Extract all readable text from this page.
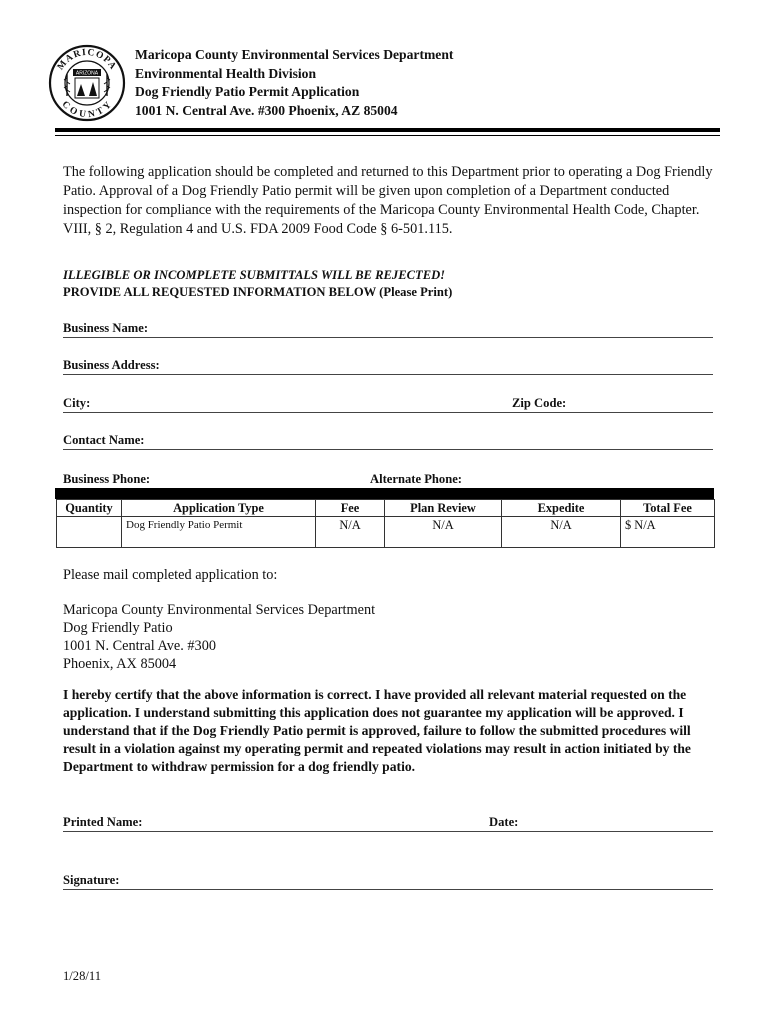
MARICOPA
COUNTY
ARIZONA
Maricopa County Environmental Services Department
Environmental Health Division
Dog Friendly Patio Permit Application
1001 N. Central Ave. #300 Phoenix, AZ 85004
The following application should be completed and returned to this Department prior to operating a Dog Friendly Patio. Approval of a Dog Friendly Patio permit will be given upon completion of a Department conducted inspection for compliance with the requirements of the Maricopa County Environmental Health Code, Chapter. VIII, § 2, Regulation 4 and U.S. FDA 2009 Food Code § 6-501.115.
ILLEGIBLE OR INCOMPLETE SUBMITTALS WILL BE REJECTED!
PROVIDE ALL REQUESTED INFORMATION BELOW (Please Print)
Business Name:
Business Address:
City:	Zip Code:
Contact Name:
Business Phone:	Alternate Phone:
Quantity	Application Type	Fee	Plan Review	Expedite	Total Fee
	Dog Friendly Patio Permit	N/A	N/A	N/A	$ N/A
Please mail completed application to:
Maricopa County Environmental Services Department
Dog Friendly Patio
1001 N. Central Ave. #300
Phoenix, AX 85004
I hereby certify that the above information is correct. I have provided all relevant material requested on the application. I understand submitting this application does not guarantee my application will be approved. I understand that if the Dog Friendly Patio permit is approved, failure to follow the submitted procedures will result in a violation against my operating permit and repeated violations may result in action initiated by the Department to withdraw permission for a dog friendly patio.
Printed Name:	Date:
Signature:
1/28/11
